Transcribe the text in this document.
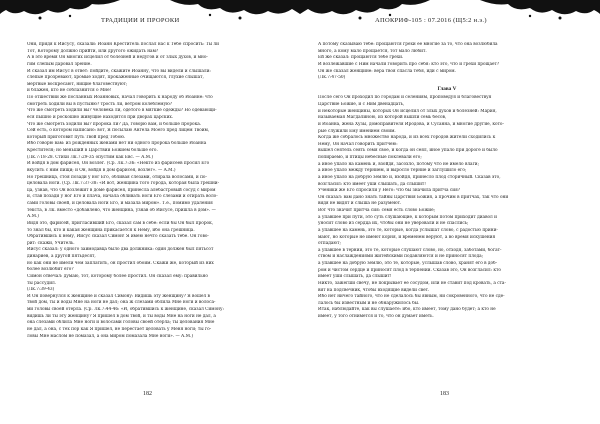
ТРАДИЦИИ И ПРОРОКИ
Они, придя к Иисусу, сказали: Иоанн Креститель послал нас к Тебе спросить: Ты ли
Тот, Которому должно прийти, или другого ожидать нам?
А в это время Он многих исцелил от болезней и недугов и от злых духов, и мно-
гим слепым даровал зрение.
И сказал им Иисус в ответ: пойдите, скажите Иоанну, что вы видели и слышали:
слепые прозревают, хромые ходят, прокаженные очищаются, глухие слышат,
мёртвые воскресают, нищие благовествуют;
и блажен, кто не соблазнится о Мне!
По отшествии же посланных Иоанновых, начал говорить к народу об Иоанне: что
смотреть ходили вы в пустыню? трость ли, ветром колеблемую?
Что же смотреть ходили вы? человека ли, одетого в мягкие одежды? Но одевающи-
еся пышно и роскошно живущие находятся при дворах царских.
Что же смотреть ходили вы? пророка ли? Да, говорю вам, и больше пророка.
Сей есть, о котором написано: вот, Я посылаю Ангела Моего пред лицем Твоим,
который приготовит путь Твой пред Тобою.
Ибо говорю вам: из рожденных женами нет ни одного пророка больше Иоанна
Крестителя; но меньший в Царствии Божием больше его.
(Лк.7:18-28. Стихи Лк.7:29-35 опустим как Евс. — А.М.)
И войдя в дом фарисея, Он возлег. (Ср. Лк.7:36: «Некто из фарисеев просил Его
вкусить с ним пищи; и Он, войдя в дом фарисея, возлег». — А.М.)
Но грешница, стоя позади у ног Его, обливая слезами, отирала волосами, и по-
целовала ноги. (Ср. Лк.7:37-38: «И вот, женщина того города, которая была грешни-
ца, узнав, что Он возлежит в доме фарисея, принесла алебастровый сосуд с миром
и, став позади у ног Его и плача, начала обливать ноги Его слезами и отирать воло-
сами головы своей, и целовала ноги Его, и мазала миром». Т.е., помимо удаления
текста, в Лк. вместо «добавлено, что женщина, узнав об Иисусе, пришла в дом». —
А.М.)
Видя это, фарисей, пригласивший Его, сказал сам в себе: если бы Он был пророк,
то знал бы, кто и какая женщина прикасается к Нему, ибо она грешница.
Обратившись к нему, Иисус сказал Симон! Я имею нечто сказать тебе. Он гово-
рит: скажи, Учитель.
Иисус сказал: у одного заимодавца было два должника: один должен был пятьсот
динариев, а другой пятьдесят,
но как они не имели чем заплатить, он простил обоим. Скажи же, который из них
более возлюбит его?
Симон отвечал: думаю, тот, которому более простил. Он сказал ему: правильно
ты рассудил.
(Лк.7:39-43)
И Он повернулся к женщине и сказал Симону: Видишь эту женщину? Я вошёл в
твой дом, ты и воды Мне на ноги не дал; она ж слезами облила Мне ноги и волоса-
ми головы своей отёрла. (Ср. Лк.7:44-46: «И, обратившись к женщине, сказал Симону:
видишь ли ты эту женщину? Я пришёл в дом твой, и ты воды Мне на ноги не дал, а
она слезами облила Мне ноги и волосами головы своей отёрла; ты целования Мне
не дал, а она, с тех пор как Я пришёл, не перестаёт целовать у Меня ноги; ты го-
ловы Мне маслом не помазал, а она миром помазала Мне ноги». — А.М.)
182
АПОКРИФ-105 : 07.2016 (Щ5:2 н.э.)
А потому сказываю тебе: прощаются грехи её многие за то, что она возлюбила
много, а кому мало прощается, тот мало любит.
Ей же сказал: прощаются тебе грехи.
И возлежавшие с Ним начали говорить про себя: кто это, что и грехи прощает?
Он же сказал женщине: вера твоя спасла тебя, иди с миром.
(Лк.7:47-50)
Глава V
После сего Он проходил по городам и селениям, проповедуя и благовествуя
Царствие Божие, и с Ним двенадцать,
и некоторые женщины, которых Он исцелил от злых духов и болезней: Мария,
называемая Магдалиною, из которой вышли семь бесов,
и Иоанна, жена Хузы, домоправителя Иродова, и Сусанна, и многие другие, кото-
рые служили Ему имением своим.
Когда же собралось множество народа, и из всех городов жители сходились к
Нему, Он начал говорить притчею:
вышел сеятель сеять семя своё, и когда он сеял, иное упало при дороге и было
попираемо, и птицы небесные поклевали его;
а иное упало на камень и, взойдя, засохло, потому что не имело влаги;
а иное упало между тернием, и выросло терние и заглушило его;
а иное упало на добрую землю и, взойдя, принесло плод сторичный. Сказав это,
возгласил: кто имеет уши слышать, да слышит!
Ученики же Его спросили у Него: что бы значила притча сия?
Он сказал: вам дано знать тайны Царствия Божия, а прочим в притчах, так что они
видя не видят и слыша не разумеют.
Вот что значит притча сия: семя есть слово Божие;
а упавшее при пути, это суть слушающие, к которым потом приходит диавол и
уносит слово из сердца их, чтобы они не уверовали и не спаслись;
а упавшее на камень, это те, которые, когда услышат слово, с радостью прини-
мают, но которые не имеют корня, и временем веруют, а во время искушения
отпадают;
а упавшее в тернии, это те, которые слушают слово, но, отходя, заботами, богат-
ством и наслаждениями житейскими подавляются и не приносят плода;
а упавшее на добрую землю, это те, которые, услышав слово, хранят его в доб-
ром и чистом сердце и приносят плод в терпении. Сказав это, Он возгласил: кто
имеет уши слышать, да слышит!
Никто, зажёгши свечу, не покрывает её сосудом, или не ставит под кровать, а ста-
вит на подсвечник, чтобы входящие видели свет.
Ибо нет ничего тайного, что не сделалось бы явным, ни сокровенного, что не сде-
лалось бы известным и не обнаружилось бы.
Итак, наблюдайте, как вы слушаете: ибо, кто имеет, тому дано будет; а кто не
имеет, у того отнимется и то, что он думает иметь.
183
